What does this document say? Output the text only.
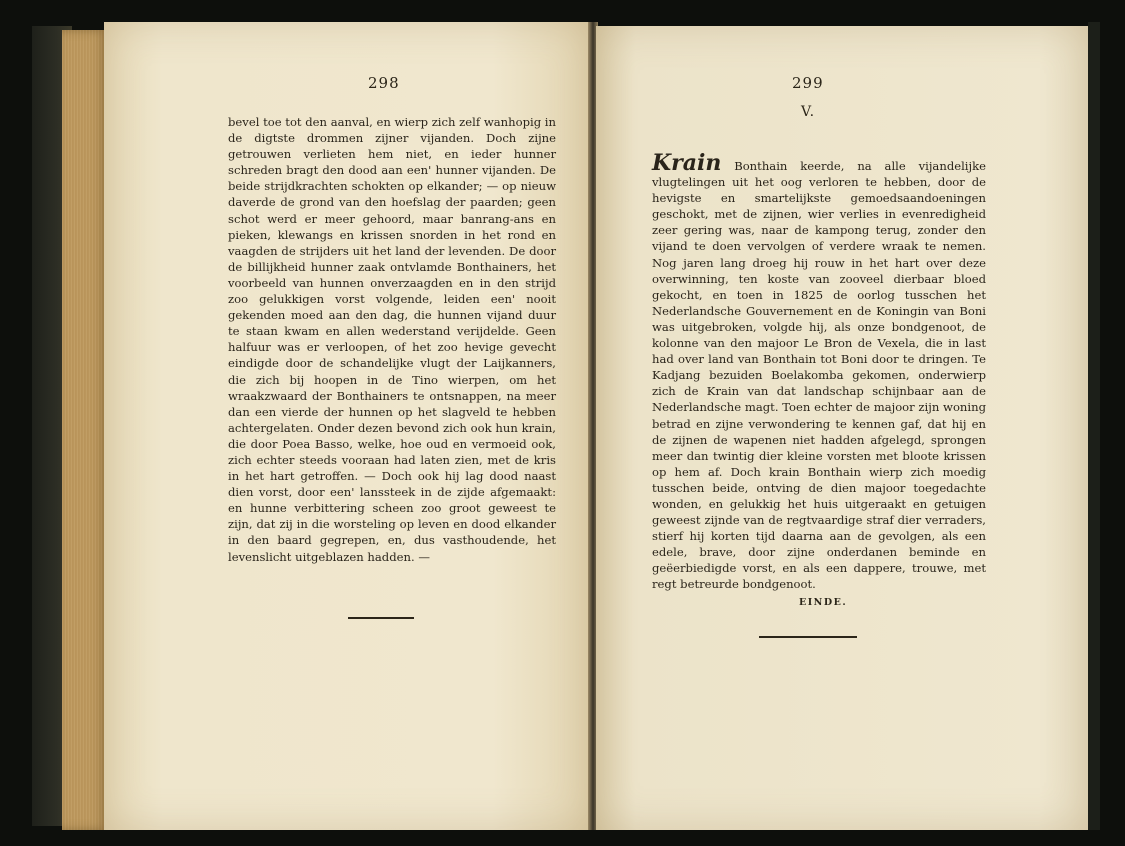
298

bevel toe tot den aanval, en wierp zich zelf wanhopig in de digtste drommen zijner vijanden. Doch zijne getrouwen verlieten hem niet, en ieder hunner schreden bragt den dood aan een' hunner vijanden. De beide strijdkrachten schokten op elkander; — op nieuw daverde de grond van den hoefslag der paarden; geen schot werd er meer gehoord, maar banrang-ans en pieken, klewangs en krissen snorden in het rond en vaagden de strijders uit het land der levenden. De door de billijkheid hunner zaak ontvlamde Bonthainers, het voorbeeld van hunnen onverzaagden en in den strijd zoo gelukkigen vorst volgende, leiden een' nooit gekenden moed aan den dag, die hunnen vijand duur te staan kwam en allen wederstand verijdelde. Geen halfuur was er verloopen, of het zoo hevige gevecht eindigde door de schandelijke vlugt der Laijkanners, die zich bij hoopen in de Tino wierpen, om het wraakzwaard der Bonthainers te ontsnappen, na meer dan een vierde der hunnen op het slagveld te hebben achtergelaten. Onder dezen bevond zich ook hun krain, die door Poea Basso, welke, hoe oud en vermoeid ook, zich echter steeds vooraan had laten zien, met de kris in het hart getroffen. — Doch ook hij lag dood naast dien vorst, door een' lanssteek in de zijde afgemaakt: en hunne verbittering scheen zoo groot geweest te zijn, dat zij in die worsteling op leven en dood elkander in den baard gegrepen, en, dus vasthoudende, het levenslicht uitgeblazen hadden. —

299
V.

Krain Bonthain keerde, na alle vijandelijke vlugtelingen uit het oog verloren te hebben, door de hevigste en smartelijkste gemoedsaandoeningen geschokt, met de zijnen, wier verlies in evenredigheid zeer gering was, naar de kampong terug, zonder den vijand te doen vervolgen of verdere wraak te nemen. Nog jaren lang droeg hij rouw in het hart over deze overwinning, ten koste van zooveel dierbaar bloed gekocht, en toen in 1825 de oorlog tusschen het Nederlandsche Gouvernement en de Koningin van Boni was uitgebroken, volgde hij, als onze bondgenoot, de kolonne van den majoor Le Bron de Vexela, die in last had over land van Bonthain tot Boni door te dringen. Te Kadjang bezuiden Boelakomba gekomen, onderwierp zich de Krain van dat landschap schijnbaar aan de Nederlandsche magt. Toen echter de majoor zijn woning betrad en zijne verwondering te kennen gaf, dat hij en de zijnen de wapenen niet hadden afgelegd, sprongen meer dan twintig dier kleine vorsten met bloote krissen op hem af. Doch krain Bonthain wierp zich moedig tusschen beide, ontving de dien majoor toegedachte wonden, en gelukkig het huis uitgeraakt en getuigen geweest zijnde van de regtvaardige straf dier verraders, stierf hij korten tijd daarna aan de gevolgen, als een edele, brave, door zijne onderdanen beminde en geëerbiedigde vorst, en als een dappere, trouwe, met regt betreurde bondgenoot.

EINDE.
